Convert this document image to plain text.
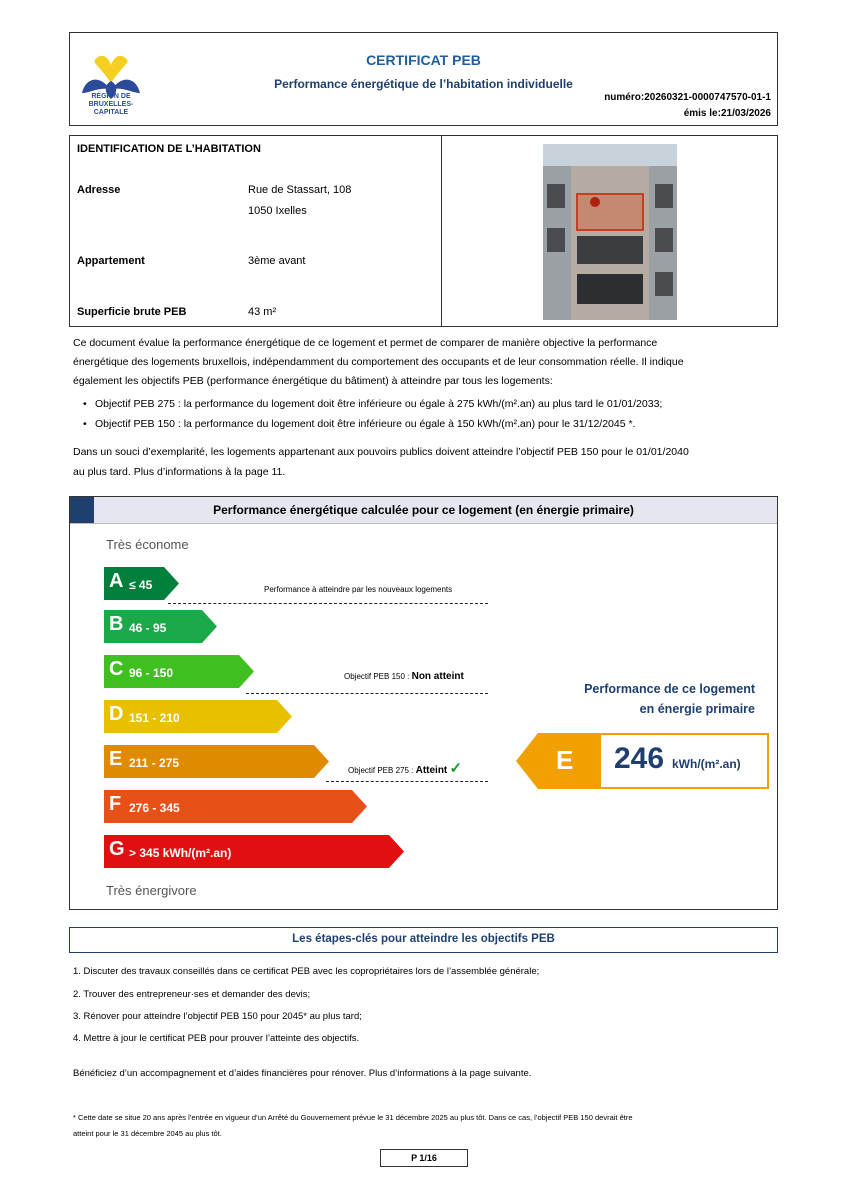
RÉGION DE BRUXELLES-CAPITALE
CERTIFICAT PEB
Performance énergétique de l’habitation individuelle
numéro:20260321-0000747570-01-1
émis le:21/03/2026
IDENTIFICATION DE L’HABITATION
Adresse	Rue de Stassart, 108
1050 Ixelles
Appartement	3ème avant
Superficie brute PEB	43 m²
Ce document évalue la performance énergétique de ce logement et permet de comparer de manière objective la performance
énergétique des logements bruxellois, indépendamment du comportement des occupants et de leur consommation réelle. Il indique
également les objectifs PEB (performance énergétique du bâtiment) à atteindre par tous les logements:
• Objectif PEB 275 : la performance du logement doit être inférieure ou égale à 275 kWh/(m².an) au plus tard le 01/01/2033;
• Objectif PEB 150 : la performance du logement doit être inférieure ou égale à 150 kWh/(m².an) pour le 31/12/2045 *.
Dans un souci d’exemplarité, les logements appartenant aux pouvoirs publics doivent atteindre l’objectif PEB 150 pour le 01/01/2040
au plus tard. Plus d’informations à la page 11.
Performance énergétique calculée pour ce logement (en énergie primaire)
Très économe
Très énergivore
Performance à atteindre par les nouveaux logements
Objectif PEB 150 : Non atteint
Objectif PEB 275 : Atteint ✓
Performance de ce logement
en énergie primaire
E 246 kWh/(m².an)
A ≤ 45
B 46 - 95
C 96 - 150
D 151 - 210
E 211 - 275
F 276 - 345
G > 345 kWh/(m².an)
Les étapes-clés pour atteindre les objectifs PEB
1. Discuter des travaux conseillés dans ce certificat PEB avec les copropriétaires lors de l’assemblée générale;
2. Trouver des entrepreneur·ses et demander des devis;
3. Rénover pour atteindre l’objectif PEB 150 pour 2045* au plus tard;
4. Mettre à jour le certificat PEB pour prouver l’atteinte des objectifs.
Bénéficiez d’un accompagnement et d’aides financières pour rénover. Plus d’informations à la page suivante.
* Cette date se situe 20 ans après l’entrée en vigueur d’un Arrêté du Gouvernement prévue le 31 décembre 2025 au plus tôt. Dans ce cas, l’objectif PEB 150 devrait être
atteint pour le 31 décembre 2045 au plus tôt.
P 1/16
